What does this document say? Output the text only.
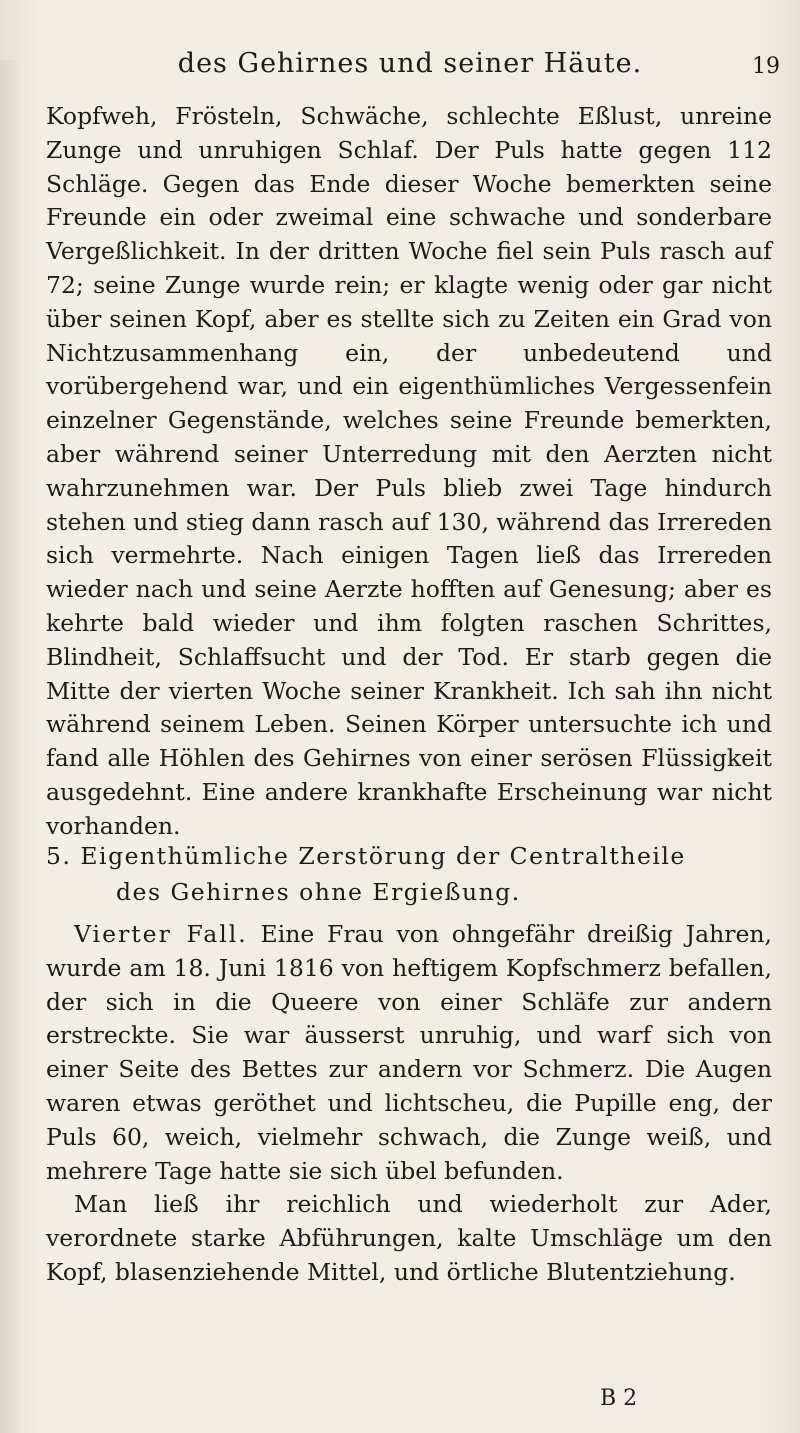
des Gehirnes und seiner Häute.	19

Kopfweh, Frösteln, Schwäche, schlechte Eßlust, unreine Zunge und unruhigen Schlaf. Der Puls hatte gegen 112 Schläge. Gegen das Ende dieser Woche bemerkten seine Freunde ein oder zweimal eine schwache und sonderbare Vergeßlichkeit. In der dritten Woche fiel sein Puls rasch auf 72; seine Zunge wurde rein; er klagte wenig oder gar nicht über seinen Kopf, aber es stellte sich zu Zeiten ein Grad von Nichtzusammenhang ein, der unbedeutend und vorübergehend war, und ein eigenthümliches Vergessenfein einzelner Gegenstände, welches seine Freunde bemerkten, aber während seiner Unterredung mit den Aerzten nicht wahrzunehmen war. Der Puls blieb zwei Tage hindurch stehen und stieg dann rasch auf 130, während das Irrereden sich vermehrte. Nach einigen Tagen ließ das Irrereden wieder nach und seine Aerzte hofften auf Genesung; aber es kehrte bald wieder und ihm folgten raschen Schrittes, Blindheit, Schlaffsucht und der Tod. Er starb gegen die Mitte der vierten Woche seiner Krankheit. Ich sah ihn nicht während seinem Leben. Seinen Körper untersuchte ich und fand alle Höhlen des Gehirnes von einer serösen Flüssigkeit ausgedehnt. Eine andere krankhafte Erscheinung war nicht vorhanden.

5. Eigenthümliche Zerstörung der Centraltheile
des Gehirnes ohne Ergießung.

Vierter Fall. Eine Frau von ohngefähr dreißig Jahren, wurde am 18. Juni 1816 von heftigem Kopfschmerz befallen, der sich in die Queere von einer Schläfe zur andern erstreckte. Sie war äusserst unruhig, und warf sich von einer Seite des Bettes zur andern vor Schmerz. Die Augen waren etwas geröthet und lichtscheu, die Pupille eng, der Puls 60, weich, vielmehr schwach, die Zunge weiß, und mehrere Tage hatte sie sich übel befunden.

Man ließ ihr reichlich und wiederholt zur Ader, verordnete starke Abführungen, kalte Umschläge um den Kopf, blasenziehende Mittel, und örtliche Blutentziehung.

B 2
